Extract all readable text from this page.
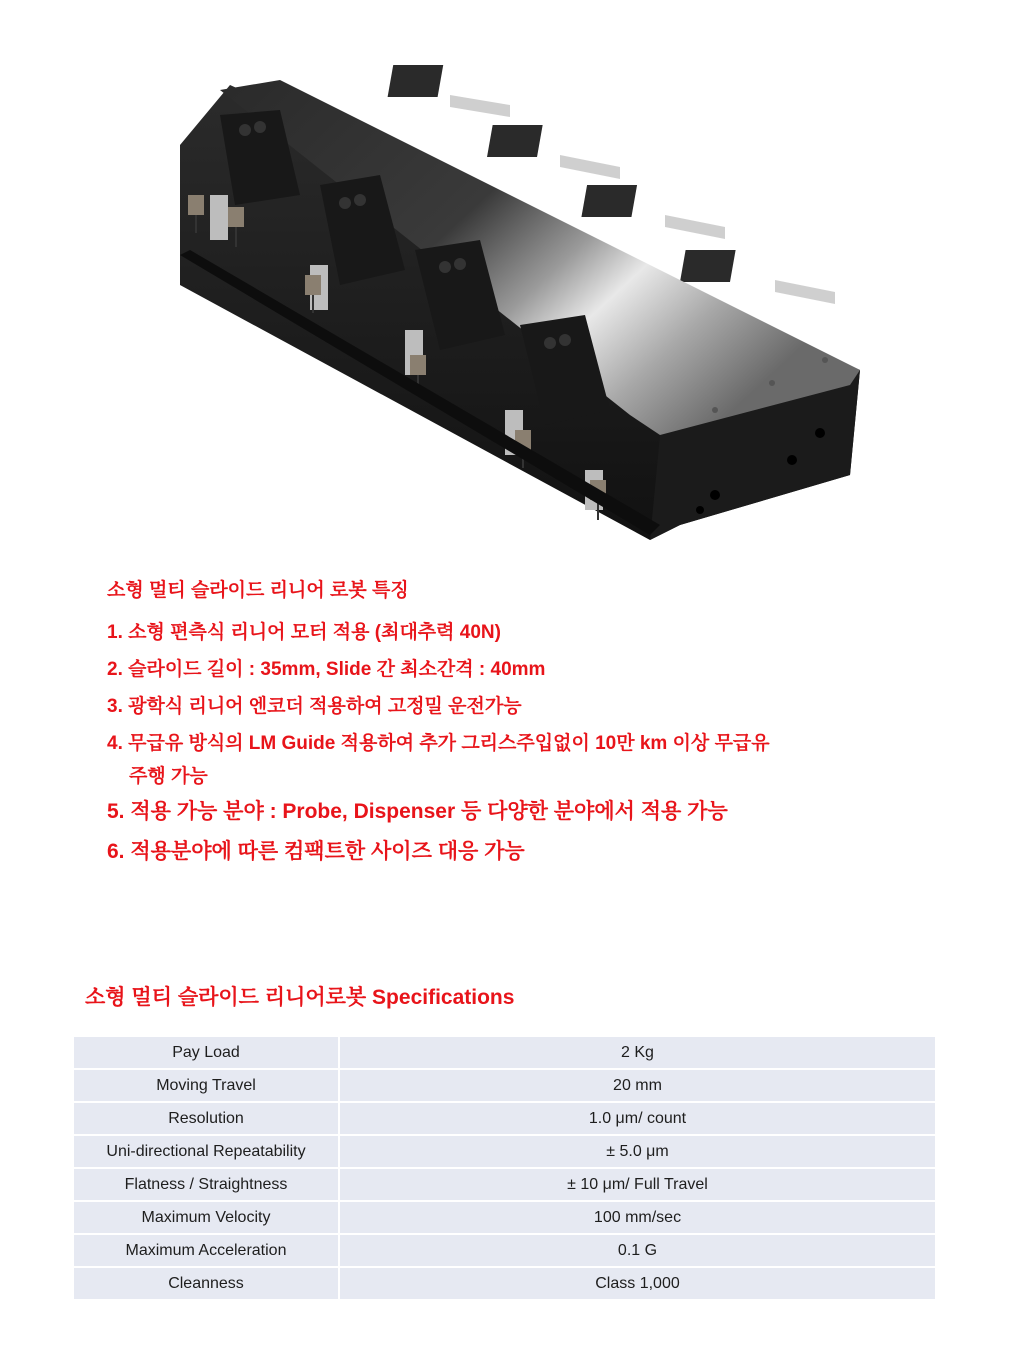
소형 멀티 슬라이드 리니어 로봇 특징
1. 소형 편측식 리니어 모터 적용 (최대추력 40N)
2. 슬라이드 길이 : 35mm, Slide 간 최소간격 : 40mm
3. 광학식 리니어 엔코더 적용하여 고정밀 운전가능
4. 무급유 방식의 LM Guide 적용하여 추가 그리스주입없이 10만 km 이상 무급유
주행 가능
5. 적용 가능 분야 : Probe, Dispenser 등 다양한 분야에서 적용 가능
6. 적용분야에 따른 컴팩트한 사이즈 대응 가능
소형 멀티 슬라이드 리니어로봇 Specifications
Pay Load	2 Kg
Moving Travel	20 mm
Resolution	1.0 μm/ count
Uni-directional Repeatability	± 5.0 μm
Flatness / Straightness	± 10 μm/ Full Travel
Maximum Velocity	100 mm/sec
Maximum Acceleration	0.1 G
Cleanness	Class 1,000
